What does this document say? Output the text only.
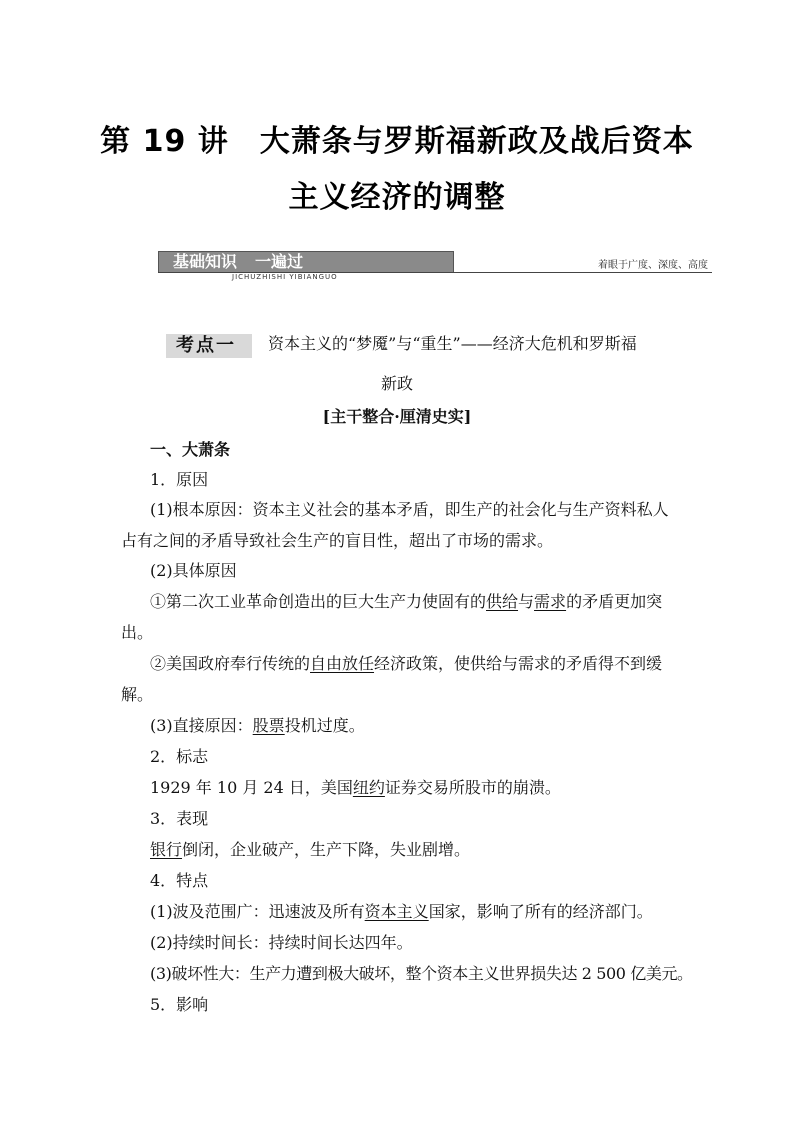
第 19 讲　大萧条与罗斯福新政及战后资本
主义经济的调整
基础知识 一遍过
JICHUZHISHI YIBIANGUO
着眼于广度、深度、高度
考点一 资本主义的“梦魇”与“重生”——经济大危机和罗斯福
新政
[主干整合·厘清史实]
一、大萧条
1．原因
(1)根本原因：资本主义社会的基本矛盾，即生产的社会化与生产资料私人
占有之间的矛盾导致社会生产的盲目性，超出了市场的需求。
(2)具体原因
①第二次工业革命创造出的巨大生产力使固有的供给与需求的矛盾更加突
出。
②美国政府奉行传统的自由放任经济政策，使供给与需求的矛盾得不到缓
解。
(3)直接原因：股票投机过度。
2．标志
1929 年 10 月 24 日，美国纽约证券交易所股市的崩溃。
3．表现
银行倒闭，企业破产，生产下降，失业剧增。
4．特点
(1)波及范围广：迅速波及所有资本主义国家，影响了所有的经济部门。
(2)持续时间长：持续时间长达四年。
(3)破坏性大：生产力遭到极大破坏，整个资本主义世界损失达 2 500 亿美元。
5．影响
